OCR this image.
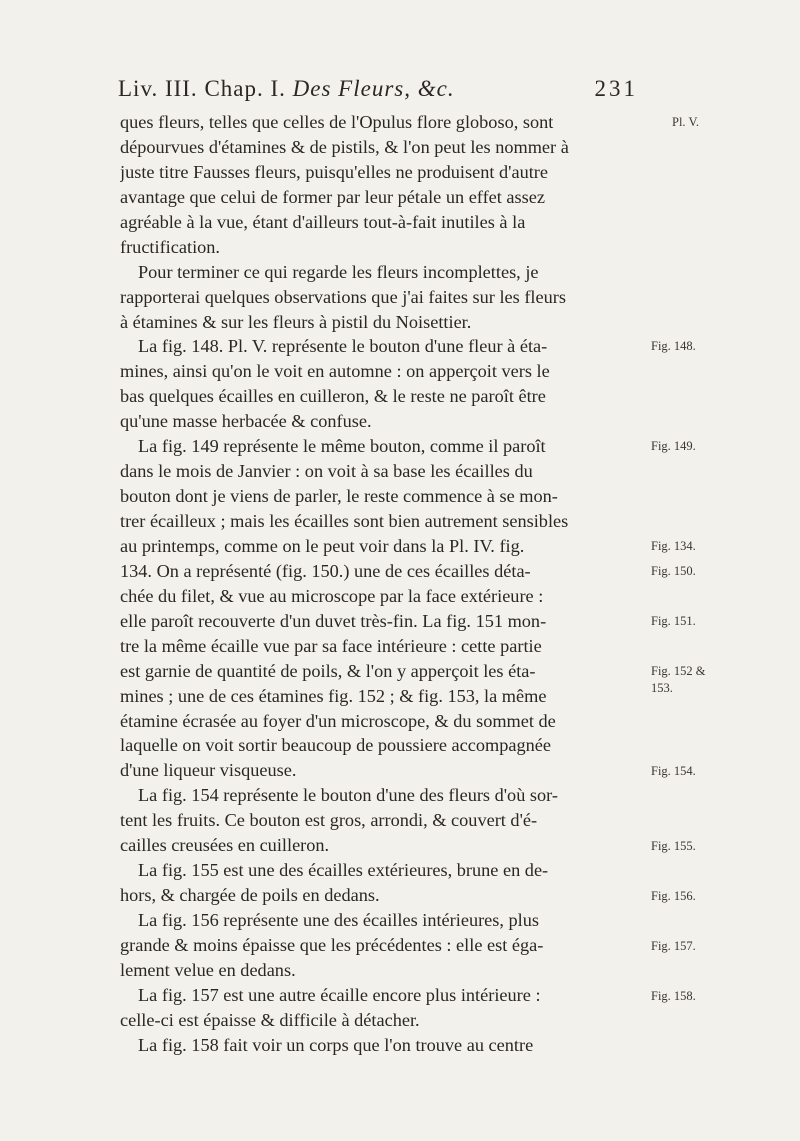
Liv. III. Chap. I. Des Fleurs, &c.	231
ques fleurs, telles que celles de l'Opulus flore globoso, sont
dépourvues d'étamines & de pistils, & l'on peut les nommer à
juste titre Fausses fleurs, puisqu'elles ne produisent d'autre
avantage que celui de former par leur pétale un effet assez
agréable à la vue, étant d'ailleurs tout-à-fait inutiles à la
fructification.
Pour terminer ce qui regarde les fleurs incomplettes, je
rapporterai quelques observations que j'ai faites sur les fleurs
à étamines & sur les fleurs à pistil du Noisettier.
La fig. 148. Pl. V. représente le bouton d'une fleur à éta-
mines, ainsi qu'on le voit en automne : on apperçoit vers le
bas quelques écailles en cuilleron, & le reste ne paroît être
qu'une masse herbacée & confuse.
La fig. 149 représente le même bouton, comme il paroît
dans le mois de Janvier : on voit à sa base les écailles du
bouton dont je viens de parler, le reste commence à se mon-
trer écailleux ; mais les écailles sont bien autrement sensibles
au printemps, comme on le peut voir dans la Pl. IV. fig.
134. On a représenté (fig. 150.) une de ces écailles déta-
chée du filet, & vue au microscope par la face extérieure :
elle paroît recouverte d'un duvet très-fin. La fig. 151 mon-
tre la même écaille vue par sa face intérieure : cette partie
est garnie de quantité de poils, & l'on y apperçoit les éta-
mines ; une de ces étamines fig. 152 ; & fig. 153, la même
étamine écrasée au foyer d'un microscope, & du sommet de
laquelle on voit sortir beaucoup de poussiere accompagnée
d'une liqueur visqueuse.
La fig. 154 représente le bouton d'une des fleurs d'où sor-
tent les fruits. Ce bouton est gros, arrondi, & couvert d'é-
cailles creusées en cuilleron.
La fig. 155 est une des écailles extérieures, brune en de-
hors, & chargée de poils en dedans.
La fig. 156 représente une des écailles intérieures, plus
grande & moins épaisse que les précédentes : elle est éga-
lement velue en dedans.
La fig. 157 est une autre écaille encore plus intérieure :
celle-ci est épaisse & difficile à détacher.
La fig. 158 fait voir un corps que l'on trouve au centre
Pl. V.
Fig. 148.
Fig. 149.
Fig. 134.
Fig. 150.
Fig. 151.
Fig. 152 &
153.
Fig. 154.
Fig. 155.
Fig. 156.
Fig. 157.
Fig. 158.
